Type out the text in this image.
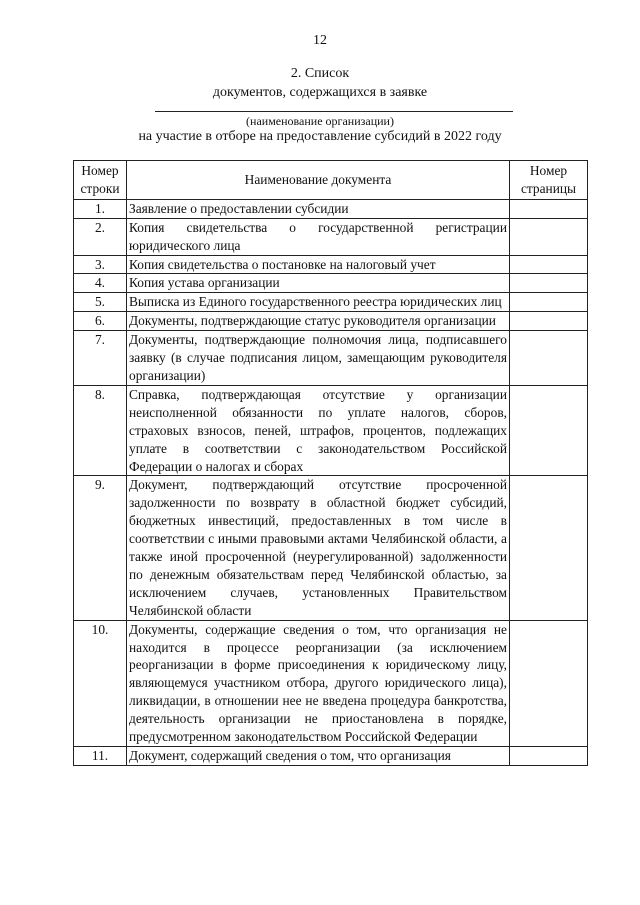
12
2. Список
документов, содержащихся в заявке
(наименование организации)
на участие в отборе на предоставление субсидий в 2022 году
Номер строки	Наименование документа	Номер страницы
1.	Заявление о предоставлении субсидии	
2.	Копия свидетельства о государственной регистрации юридического лица	
3.	Копия свидетельства о постановке на налоговый учет	
4.	Копия устава организации	
5.	Выписка из Единого государственного реестра юридических лиц	
6.	Документы, подтверждающие статус руководителя организации	
7.	Документы, подтверждающие полномочия лица, подписавшего заявку (в случае подписания лицом, замещающим руководителя организации)	
8.	Справка, подтверждающая отсутствие у организации неисполненной обязанности по уплате налогов, сборов, страховых взносов, пеней, штрафов, процентов, подлежащих уплате в соответствии с законодательством Российской Федерации о налогах и сборах	
9.	Документ, подтверждающий отсутствие просроченной задолженности по возврату в областной бюджет субсидий, бюджетных инвестиций, предоставленных в том числе в соответствии с иными правовыми актами Челябинской области, а также иной просроченной (неурегулированной) задолженности по денежным обязательствам перед Челябинской областью, за исключением случаев, установленных Правительством Челябинской области	
10.	Документы, содержащие сведения о том, что организация не находится в процессе реорганизации (за исключением реорганизации в форме присоединения к юридическому лицу, являющемуся участником отбора, другого юридического лица), ликвидации, в отношении нее не введена процедура банкротства, деятельность организации не приостановлена в порядке, предусмотренном законодательством Российской Федерации	
11.	Документ, содержащий сведения о том, что организация	
